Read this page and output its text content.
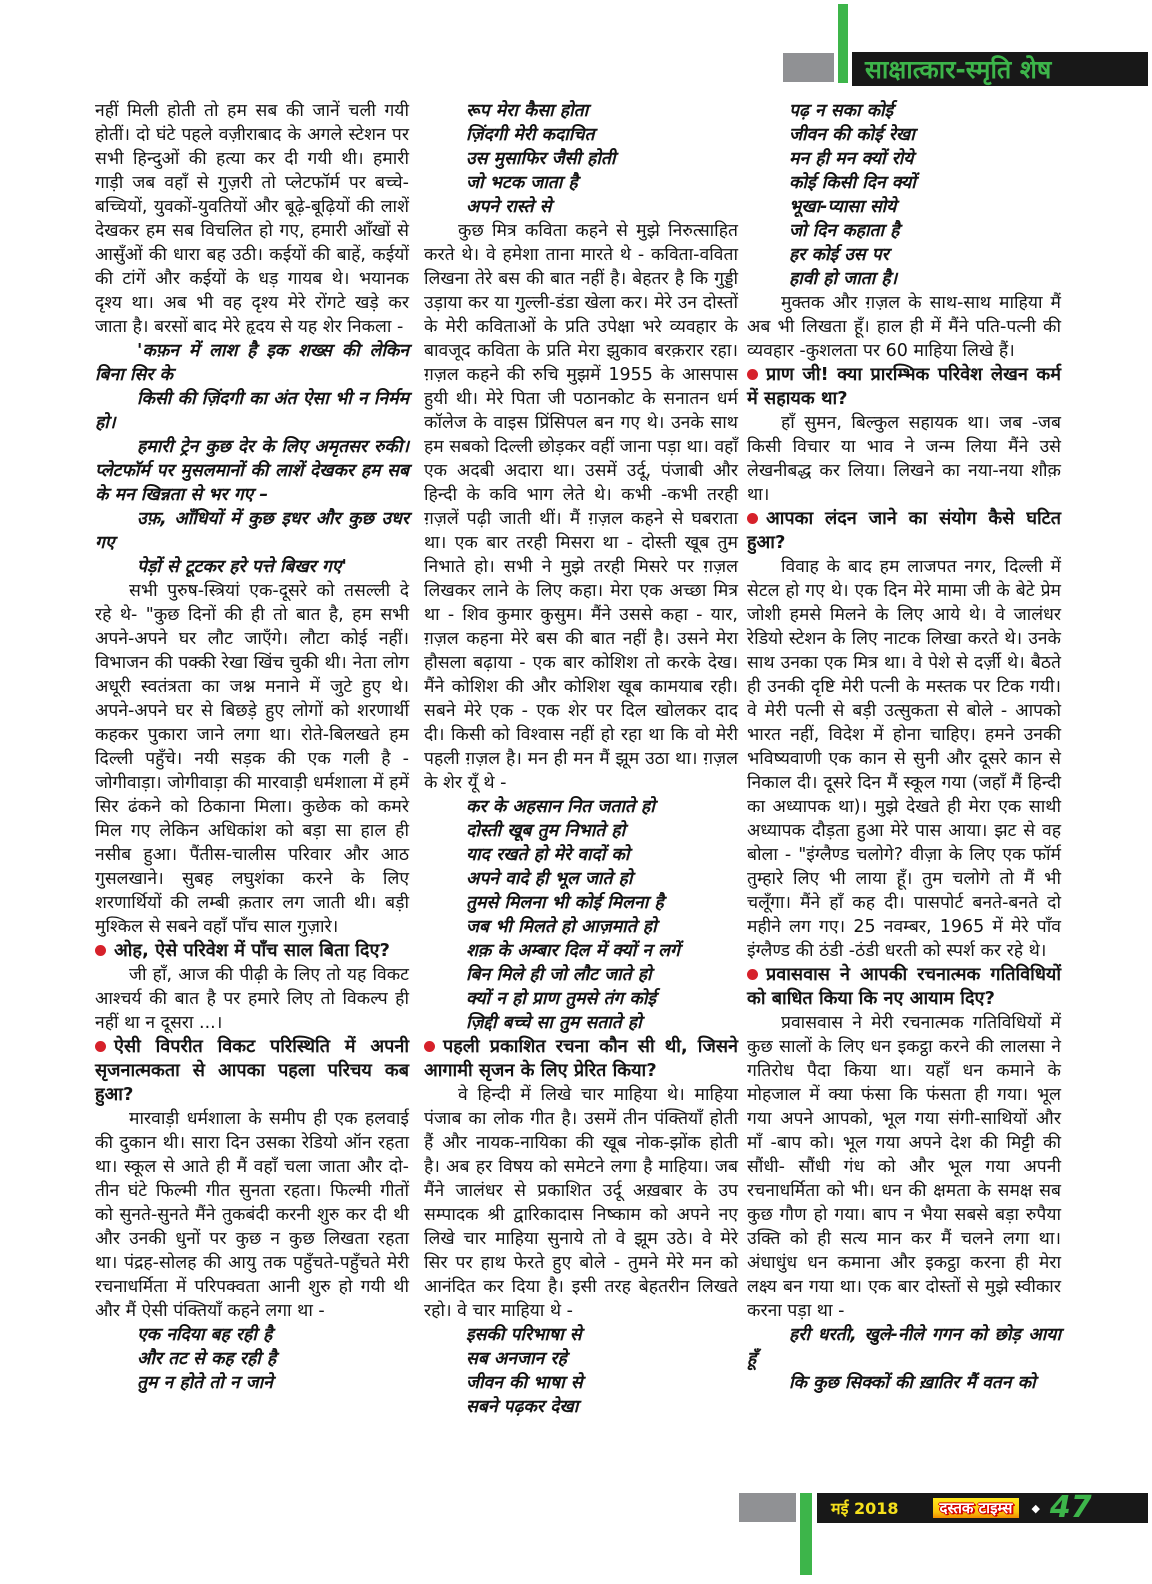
साक्षात्कार-स्मृति शेष
नहीं मिली होती तो हम सब की जानें चली गयी होतीं। दो घंटे पहले वज़ीराबाद के अगले स्टेशन पर सभी हिन्दुओं की हत्या कर दी गयी थी। हमारी गाड़ी जब वहाँ से गुज़री तो प्लेटफॉर्म पर बच्चे-बच्चियों, युवकों-युवतियों और बूढ़े-बूढ़ियों की लाशें देखकर हम सब विचलित हो गए, हमारी आँखों से आसुँओं की धारा बह उठी। कईयों की बाहें, कईयों की टांगें और कईयों के धड़ गायब थे। भयानक दृश्य था। अब भी वह दृश्य मेरे रोंगटे खड़े कर जाता है। बरसों बाद मेरे हृदय से यह शेर निकला -
'कफ़न में लाश है इक शख्स की लेकिन बिना सिर के
किसी की ज़िंदगी का अंत ऐसा भी न निर्मम हो।
हमारी ट्रेन कुछ देर के लिए अमृतसर रुकी। प्लेटफॉर्म पर मुसलमानों की लाशें देखकर हम सब के मन खिन्नता से भर गए –
उफ़, आँधियों में कुछ इधर और कुछ उधर गए
पेड़ों से टूटकर हरे पत्ते बिखर गए'
सभी पुरुष-स्त्रियां एक-दूसरे को तसल्ली दे रहे थे- "कुछ दिनों की ही तो बात है, हम सभी अपने-अपने घर लौट जाएँगे। लौटा कोई नहीं। विभाजन की पक्की रेखा खिंच चुकी थी। नेता लोग अधूरी स्वतंत्रता का जश्न मनाने में जुटे हुए थे। अपने-अपने घर से बिछड़े हुए लोगों को शरणार्थी कहकर पुकारा जाने लगा था। रोते-बिलखते हम दिल्ली पहुँचे। नयी सड़क की एक गली है - जोगीवाड़ा। जोगीवाड़ा की मारवाड़ी धर्मशाला में हमें सिर ढंकने को ठिकाना मिला। कुछेक को कमरे मिल गए लेकिन अधिकांश को बड़ा सा हाल ही नसीब हुआ। पैंतीस-चालीस परिवार और आठ गुसलखाने। सुबह लघुशंका करने के लिए शरणार्थियों की लम्बी क़तार लग जाती थी। बड़ी मुश्किल से सबने वहाँ पाँच साल गुज़ारे।
ओह, ऐसे परिवेश में पाँच साल बिता दिए?
जी हाँ, आज की पीढ़ी के लिए तो यह विकट आश्चर्य की बात है पर हमारे लिए तो विकल्प ही नहीं था न दूसरा ...।
ऐसी विपरीत विकट परिस्थिति में अपनी सृजनात्मकता से आपका पहला परिचय कब हुआ?
मारवाड़ी धर्मशाला के समीप ही एक हलवाई की दुकान थी। सारा दिन उसका रेडियो ऑन रहता था। स्कूल से आते ही मैं वहाँ चला जाता और दो-तीन घंटे फिल्मी गीत सुनता रहता। फिल्मी गीतों को सुनते-सुनते मैंने तुकबंदी करनी शुरु कर दी थी और उनकी धुनों पर कुछ न कुछ लिखता रहता था। पंद्रह-सोलह की आयु तक पहुँचते-पहुँचते मेरी रचनाधर्मिता में परिपक्वता आनी शुरु हो गयी थी और मैं ऐसी पंक्तियाँ कहने लगा था -
एक नदिया बह रही है
और तट से कह रही है
तुम न होते तो न जाने
रूप मेरा कैसा होता
ज़िंदगी मेरी कदाचित
उस मुसाफिर जैसी होती
जो भटक जाता है
अपने रास्ते से
कुछ मित्र कविता कहने से मुझे निरुत्साहित करते थे। वे हमेशा ताना मारते थे - कविता-वविता लिखना तेरे बस की बात नहीं है। बेहतर है कि गुड्डी उड़ाया कर या गुल्ली-डंडा खेला कर। मेरे उन दोस्तों के मेरी कविताओं के प्रति उपेक्षा भरे व्यवहार के बावजूद कविता के प्रति मेरा झुकाव बरक़रार रहा। ग़ज़ल कहने की रुचि मुझमें 1955 के आसपास हुयी थी। मेरे पिता जी पठानकोट के सनातन धर्म कॉलेज के वाइस प्रिंसिपल बन गए थे। उनके साथ हम सबको दिल्ली छोड़कर वहीं जाना पड़ा था। वहाँ एक अदबी अदारा था। उसमें उर्दू, पंजाबी और हिन्दी के कवि भाग लेते थे। कभी -कभी तरही ग़ज़लें पढ़ी जाती थीं। मैं ग़ज़ल कहने से घबराता था। एक बार तरही मिसरा था - दोस्ती खूब तुम निभाते हो। सभी ने मुझे तरही मिसरे पर ग़ज़ल लिखकर लाने के लिए कहा। मेरा एक अच्छा मित्र था - शिव कुमार कुसुम। मैंने उससे कहा - यार, ग़ज़ल कहना मेरे बस की बात नहीं है। उसने मेरा हौसला बढ़ाया - एक बार कोशिश तो करके देख। मैंने कोशिश की और कोशिश खूब कामयाब रही। सबने मेरे एक - एक शेर पर दिल खोलकर दाद दी। किसी को विश्वास नहीं हो रहा था कि वो मेरी पहली ग़ज़ल है। मन ही मन मैं झूम उठा था। ग़ज़ल के शेर यूँ थे -
कर के अहसान नित जताते हो
दोस्ती खूब तुम निभाते हो
याद रखते हो मेरे वादों को
अपने वादे ही भूल जाते हो
तुमसे मिलना भी कोई मिलना है
जब भी मिलते हो आज़माते हो
शक़ के अम्बार दिल में क्यों न लगें
बिन मिले ही जो लौट जाते हो
क्यों न हो प्राण तुमसे तंग कोई
ज़िद्दी बच्चे सा तुम सताते हो
पहली प्रकाशित रचना कौन सी थी, जिसने आगामी सृजन के लिए प्रेरित किया?
वे हिन्दी में लिखे चार माहिया थे। माहिया पंजाब का लोक गीत है। उसमें तीन पंक्तियाँ होती हैं और नायक-नायिका की खूब नोक-झोंक होती है। अब हर विषय को समेटने लगा है माहिया। जब मैंने जालंधर से प्रकाशित उर्दू अख़बार के उप सम्पादक श्री द्वारिकादास निष्काम को अपने नए लिखे चार माहिया सुनाये तो वे झूम उठे। वे मेरे सिर पर हाथ फेरते हुए बोले - तुमने मेरे मन को आनंदित कर दिया है। इसी तरह बेहतरीन लिखते रहो। वे चार माहिया थे -
इसकी परिभाषा से
सब अनजान रहे
जीवन की भाषा से
सबने पढ़कर देखा
पढ़ न सका कोई
जीवन की कोई रेखा
मन ही मन क्यों रोये
कोई किसी दिन क्यों
भूखा-प्यासा सोये
जो दिन कहाता है
हर कोई उस पर
हावी हो जाता है।
मुक्तक और ग़ज़ल के साथ-साथ माहिया मैं अब भी लिखता हूँ। हाल ही में मैंने पति-पत्नी की व्यवहार -कुशलता पर 60 माहिया लिखे हैं।
प्राण जी! क्या प्रारम्भिक परिवेश लेखन कर्म में सहायक था?
हाँ सुमन, बिल्कुल सहायक था। जब -जब किसी विचार या भाव ने जन्म लिया मैंने उसे लेखनीबद्ध कर लिया। लिखने का नया-नया शौक़ था।
आपका लंदन जाने का संयोग कैसे घटित हुआ?
विवाह के बाद हम लाजपत नगर, दिल्ली में सेटल हो गए थे। एक दिन मेरे मामा जी के बेटे प्रेम जोशी हमसे मिलने के लिए आये थे। वे जालंधर रेडियो स्टेशन के लिए नाटक लिखा करते थे। उनके साथ उनका एक मित्र था। वे पेशे से दर्ज़ी थे। बैठते ही उनकी दृष्टि मेरी पत्नी के मस्तक पर टिक गयी। वे मेरी पत्नी से बड़ी उत्सुकता से बोले - आपको भारत नहीं, विदेश में होना चाहिए। हमने उनकी भविष्यवाणी एक कान से सुनी और दूसरे कान से निकाल दी। दूसरे दिन मैं स्कूल गया (जहाँ मैं हिन्दी का अध्यापक था)। मुझे देखते ही मेरा एक साथी अध्यापक दौड़ता हुआ मेरे पास आया। झट से वह बोला - "इंग्लैण्ड चलोगे? वीज़ा के लिए एक फॉर्म तुम्हारे लिए भी लाया हूँ। तुम चलोगे तो मैं भी चलूँगा। मैंने हाँ कह दी। पासपोर्ट बनते-बनते दो महीने लग गए। 25 नवम्बर, 1965 में मेरे पाँव इंग्लैण्ड की ठंडी -ठंडी धरती को स्पर्श कर रहे थे।
प्रवासवास ने आपकी रचनात्मक गतिविधियों को बाधित किया कि नए आयाम दिए?
प्रवासवास ने मेरी रचनात्मक गतिविधियों में कुछ सालों के लिए धन इकट्ठा करने की लालसा ने गतिरोध पैदा किया था। यहाँ धन कमाने के मोहजाल में क्या फंसा कि फंसता ही गया। भूल गया अपने आपको, भूल गया संगी-साथियों और माँ -बाप को। भूल गया अपने देश की मिट्टी की सौंधी- सौंधी गंध को और भूल गया अपनी रचनाधर्मिता को भी। धन की क्षमता के समक्ष सब कुछ गौण हो गया। बाप न भैया सबसे बड़ा रुपैया उक्ति को ही सत्य मान कर मैं चलने लगा था। अंधाधुंध धन कमाना और इकट्ठा करना ही मेरा लक्ष्य बन गया था। एक बार दोस्तों से मुझे स्वीकार करना पड़ा था -
हरी धरती, खुले-नीले गगन को छोड़ आया हूँ
कि कुछ सिक्कों की ख़ातिर मैं वतन को
मई 2018	दस्तक टाइम्स	◆ 47
